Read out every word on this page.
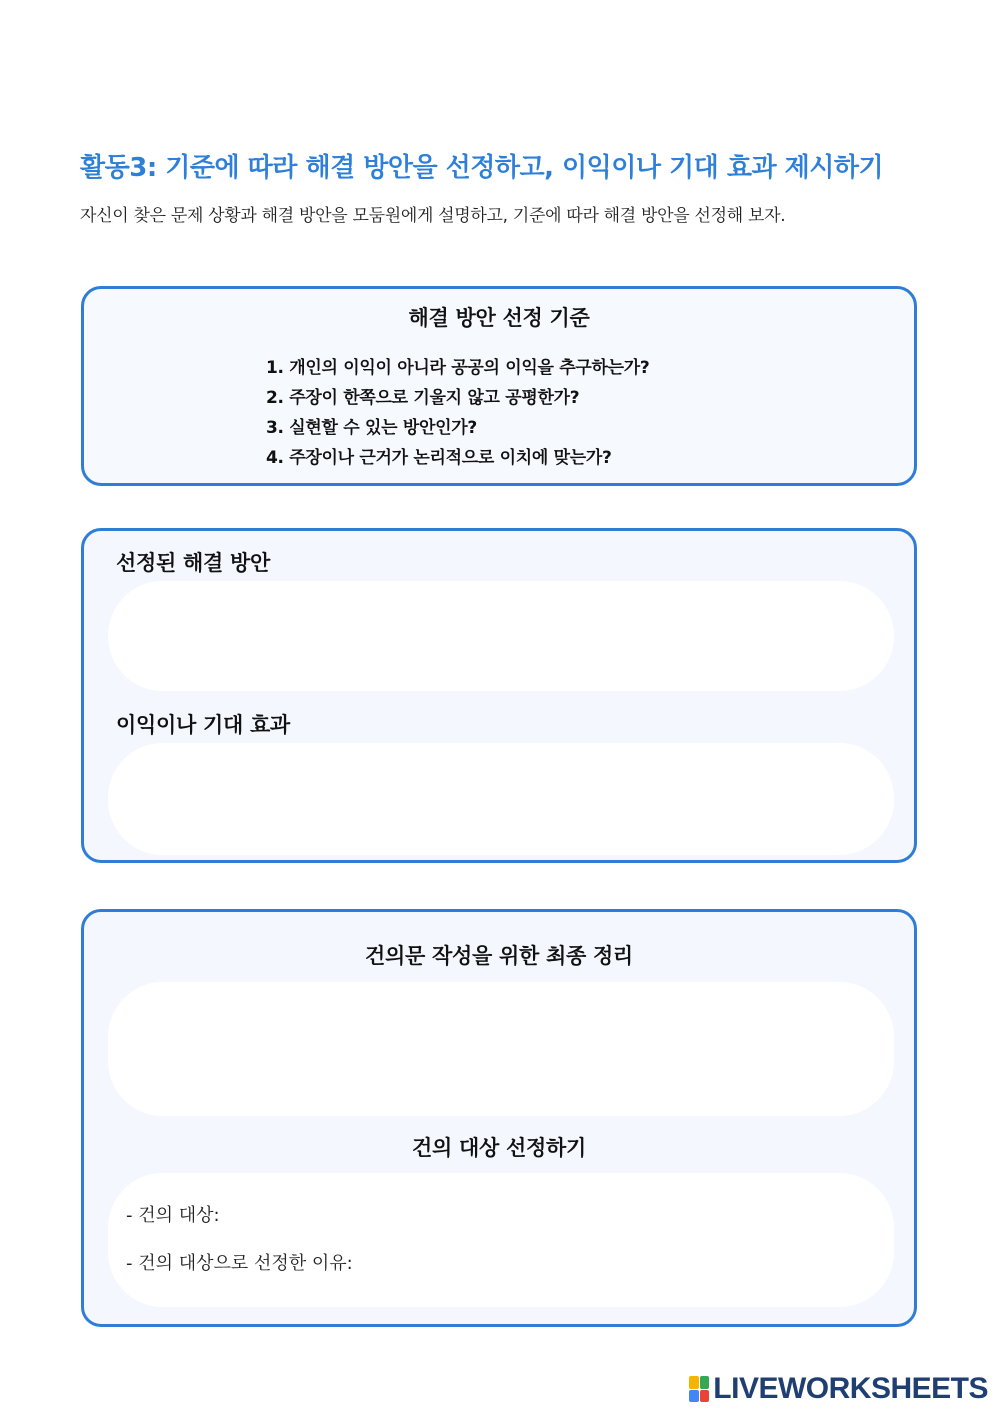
활동3: 기준에 따라 해결 방안을 선정하고, 이익이나 기대 효과 제시하기
자신이 찾은 문제 상황과 해결 방안을 모둠원에게 설명하고, 기준에 따라 해결 방안을 선정해 보자.
해결 방안 선정 기준
1. 개인의 이익이 아니라 공공의 이익을 추구하는가?
2. 주장이 한쪽으로 기울지 않고 공평한가?
3. 실현할 수 있는 방안인가?
4. 주장이나 근거가 논리적으로 이치에 맞는가?
선정된 해결 방안
이익이나 기대 효과
건의문 작성을 위한 최종 정리
건의 대상 선정하기
- 건의 대상:
- 건의 대상으로 선정한 이유:
LIVEWORKSHEETS
